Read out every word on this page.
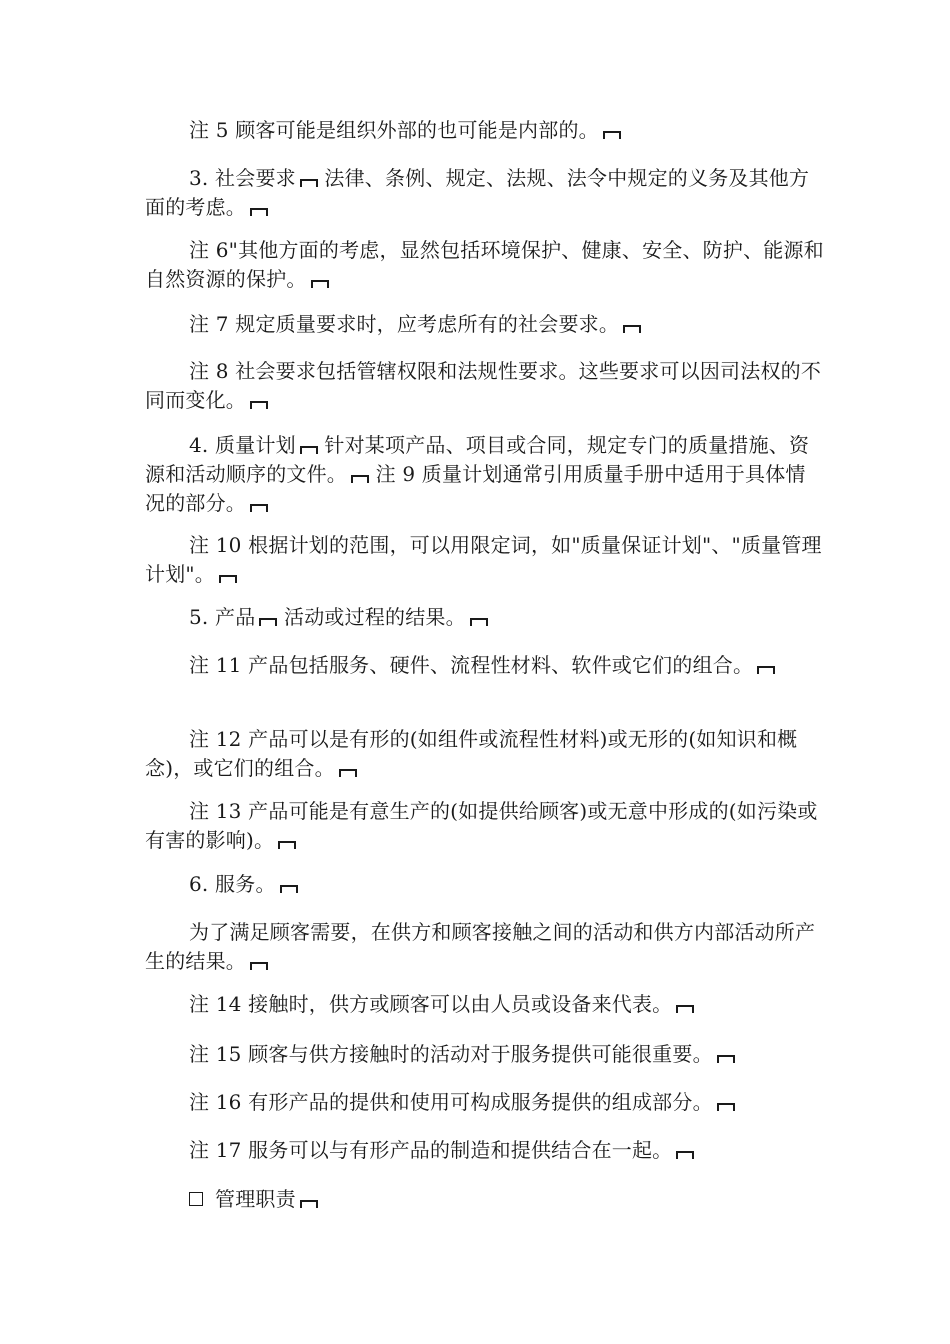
注 5 顾客可能是组织外部的也可能是内部的。

3. 社会要求 法律、条例、规定、法规、法令中规定的义务及其他方面的考虑。

注 6"其他方面的考虑，显然包括环境保护、健康、安全、防护、能源和自然资源的保护。

注 7 规定质量要求时，应考虑所有的社会要求。

注 8 社会要求包括管辖权限和法规性要求。这些要求可以因司法权的不同而变化。

4. 质量计划 针对某项产品、项目或合同，规定专门的质量措施、资源和活动顺序的文件。 注 9 质量计划通常引用质量手册中适用于具体情况的部分。

注 10 根据计划的范围，可以用限定词，如"质量保证计划"、"质量管理计划"。

5. 产品 活动或过程的结果。

注 11 产品包括服务、硬件、流程性材料、软件或它们的组合。

注 12 产品可以是有形的(如组件或流程性材料)或无形的(如知识和概念)，或它们的组合。

注 13 产品可能是有意生产的(如提供给顾客)或无意中形成的(如污染或有害的影响)。

6. 服务。

为了满足顾客需要，在供方和顾客接触之间的活动和供方内部活动所产生的结果。

注 14 接触时，供方或顾客可以由人员或设备来代表。

注 15 顾客与供方接触时的活动对于服务提供可能很重要。

注 16 有形产品的提供和使用可构成服务提供的组成部分。

注 17 服务可以与有形产品的制造和提供结合在一起。

管理职责
